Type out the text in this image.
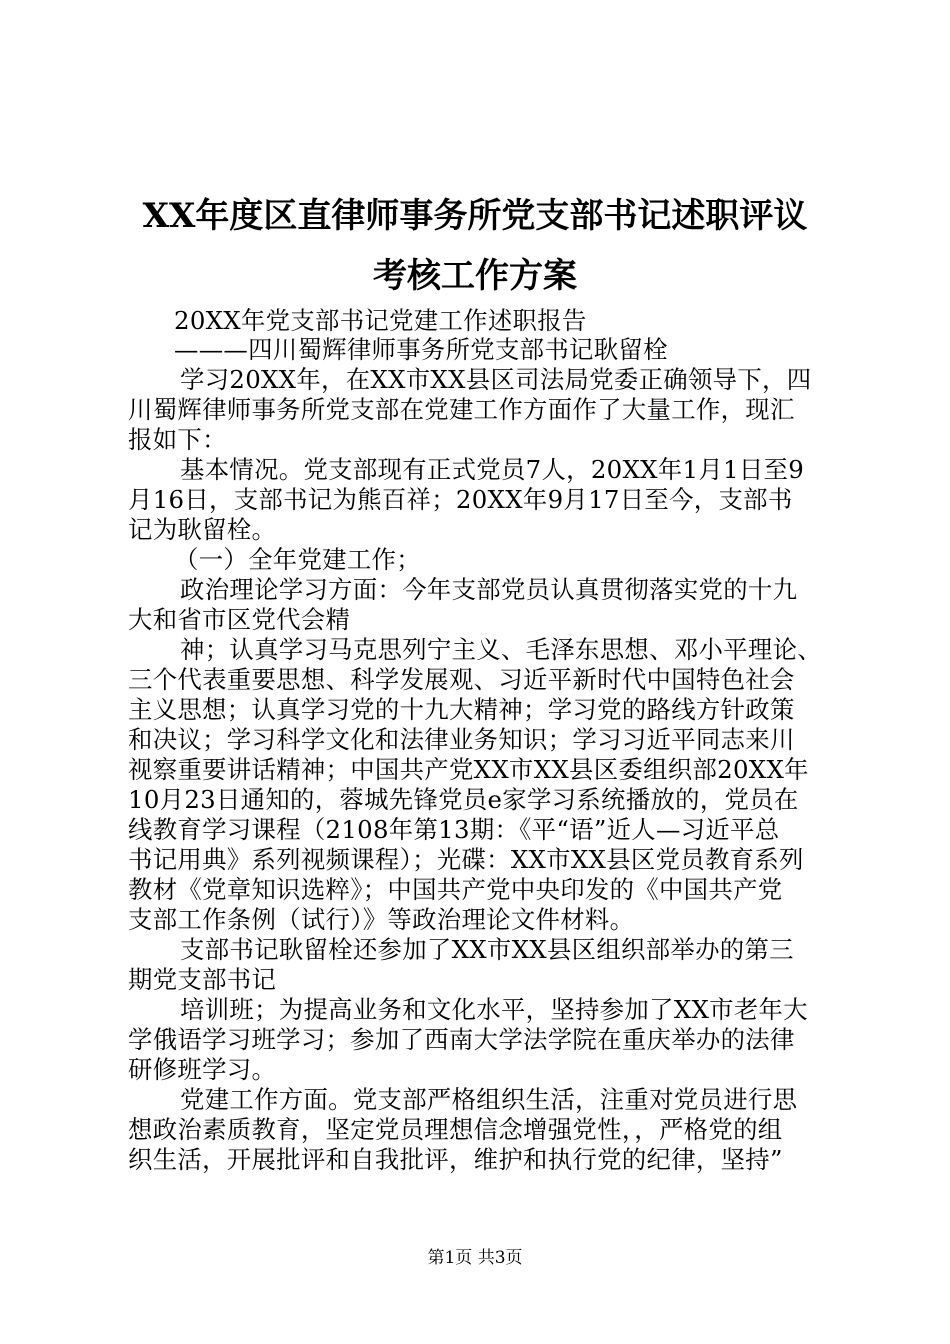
XX年度区直律师事务所党支部书记述职评议
考核工作方案
20XX年党支部书记党建工作述职报告
———四川蜀辉律师事务所党支部书记耿留栓
学习20XX年，在XX市XX县区司法局党委正确领导下，四
川蜀辉律师事务所党支部在党建工作方面作了大量工作，现汇
报如下：
基本情况。党支部现有正式党员7人，20XX年1月1日至9
月16日，支部书记为熊百祥；20XX年9月17日至今，支部书
记为耿留栓。
（一）全年党建工作；
政治理论学习方面：今年支部党员认真贯彻落实党的十九
大和省市区党代会精
神；认真学习马克思列宁主义、毛泽东思想、邓小平理论、
三个代表重要思想、科学发展观、习近平新时代中国特色社会
主义思想；认真学习党的十九大精神；学习党的路线方针政策
和决议；学习科学文化和法律业务知识；学习习近平同志来川
视察重要讲话精神；中国共产党XX市XX县区委组织部20XX年
10月23日通知的，蓉城先锋党员e家学习系统播放的，党员在
线教育学习课程（2108年第13期：《平“语”近人—习近平总
书记用典》系列视频课程）；光碟：XX市XX县区党员教育系列
教材《党章知识选粹》；中国共产党中央印发的《中国共产党
支部工作条例（试行）》等政治理论文件材料。
支部书记耿留栓还参加了XX市XX县区组织部举办的第三
期党支部书记
培训班；为提高业务和文化水平，坚持参加了XX市老年大
学俄语学习班学习；参加了西南大学法学院在重庆举办的法律
研修班学习。
党建工作方面。党支部严格组织生活，注重对党员进行思
想政治素质教育，坚定党员理想信念增强党性，，严格党的组
织生活，开展批评和自我批评，维护和执行党的纪律，坚持”
第1页 共3页
